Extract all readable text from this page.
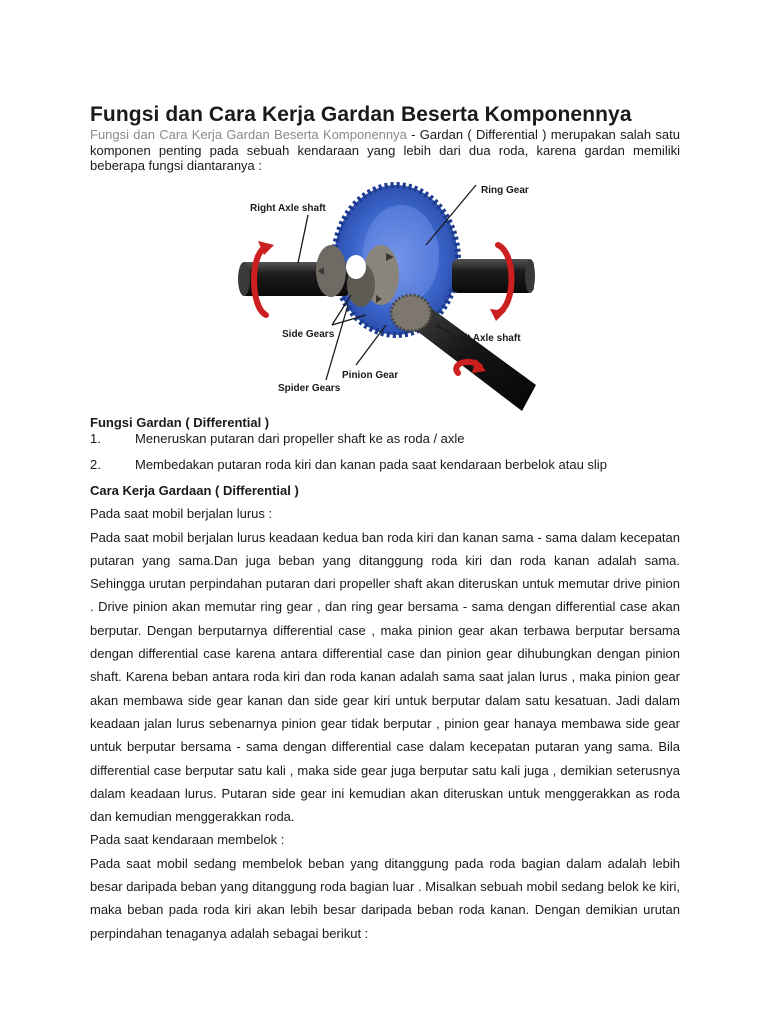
Fungsi dan Cara Kerja Gardan Beserta Komponennya

Fungsi dan Cara Kerja Gardan Beserta Komponennya - Gardan ( Differential ) merupakan salah satu komponen penting pada sebuah kendaraan yang lebih dari dua roda, karena gardan memiliki beberapa fungsi diantaranya :

Ring Gear
Right Axle shaft
Side Gears	Left Axle shaft
Pinion Gear
Spider Gears

Fungsi Gardan ( Differential )

1.	Meneruskan putaran dari propeller shaft ke as roda / axle

2.	Membedakan putaran roda kiri dan kanan pada saat kendaraan berbelok atau slip

Cara Kerja Gardaan ( Differential )
Pada saat mobil berjalan lurus :
Pada saat mobil berjalan lurus keadaan kedua ban roda kiri dan kanan sama - sama dalam kecepatan putaran yang sama.Dan juga beban yang ditanggung roda kiri dan roda kanan adalah sama. Sehingga urutan perpindahan putaran dari propeller shaft akan diteruskan untuk memutar drive pinion . Drive pinion akan memutar ring gear , dan ring gear bersama - sama dengan differential case akan berputar. Dengan berputarnya differential case , maka pinion gear akan terbawa berputar bersama dengan differential case karena antara differential case dan pinion gear dihubungkan dengan pinion shaft. Karena beban antara roda kiri dan roda kanan adalah sama saat jalan lurus , maka pinion gear akan membawa side gear kanan dan side gear kiri untuk berputar dalam satu kesatuan. Jadi dalam keadaan jalan lurus sebenarnya pinion gear tidak berputar , pinion gear hanaya membawa side gear untuk berputar bersama - sama dengan differential case dalam kecepatan putaran yang sama. Bila differential case berputar satu kali , maka side gear juga berputar satu kali juga , demikian seterusnya dalam keadaan lurus. Putaran side gear ini kemudian akan diteruskan untuk menggerakkan as roda dan kemudian menggerakkan roda.
Pada saat kendaraan membelok :
Pada saat mobil sedang membelok beban yang ditanggung pada roda bagian dalam adalah lebih besar daripada beban yang ditanggung roda bagian luar . Misalkan sebuah mobil sedang belok ke kiri, maka beban pada roda kiri akan lebih besar daripada beban roda kanan. Dengan demikian urutan perpindahan tenaganya adalah sebagai berikut :
